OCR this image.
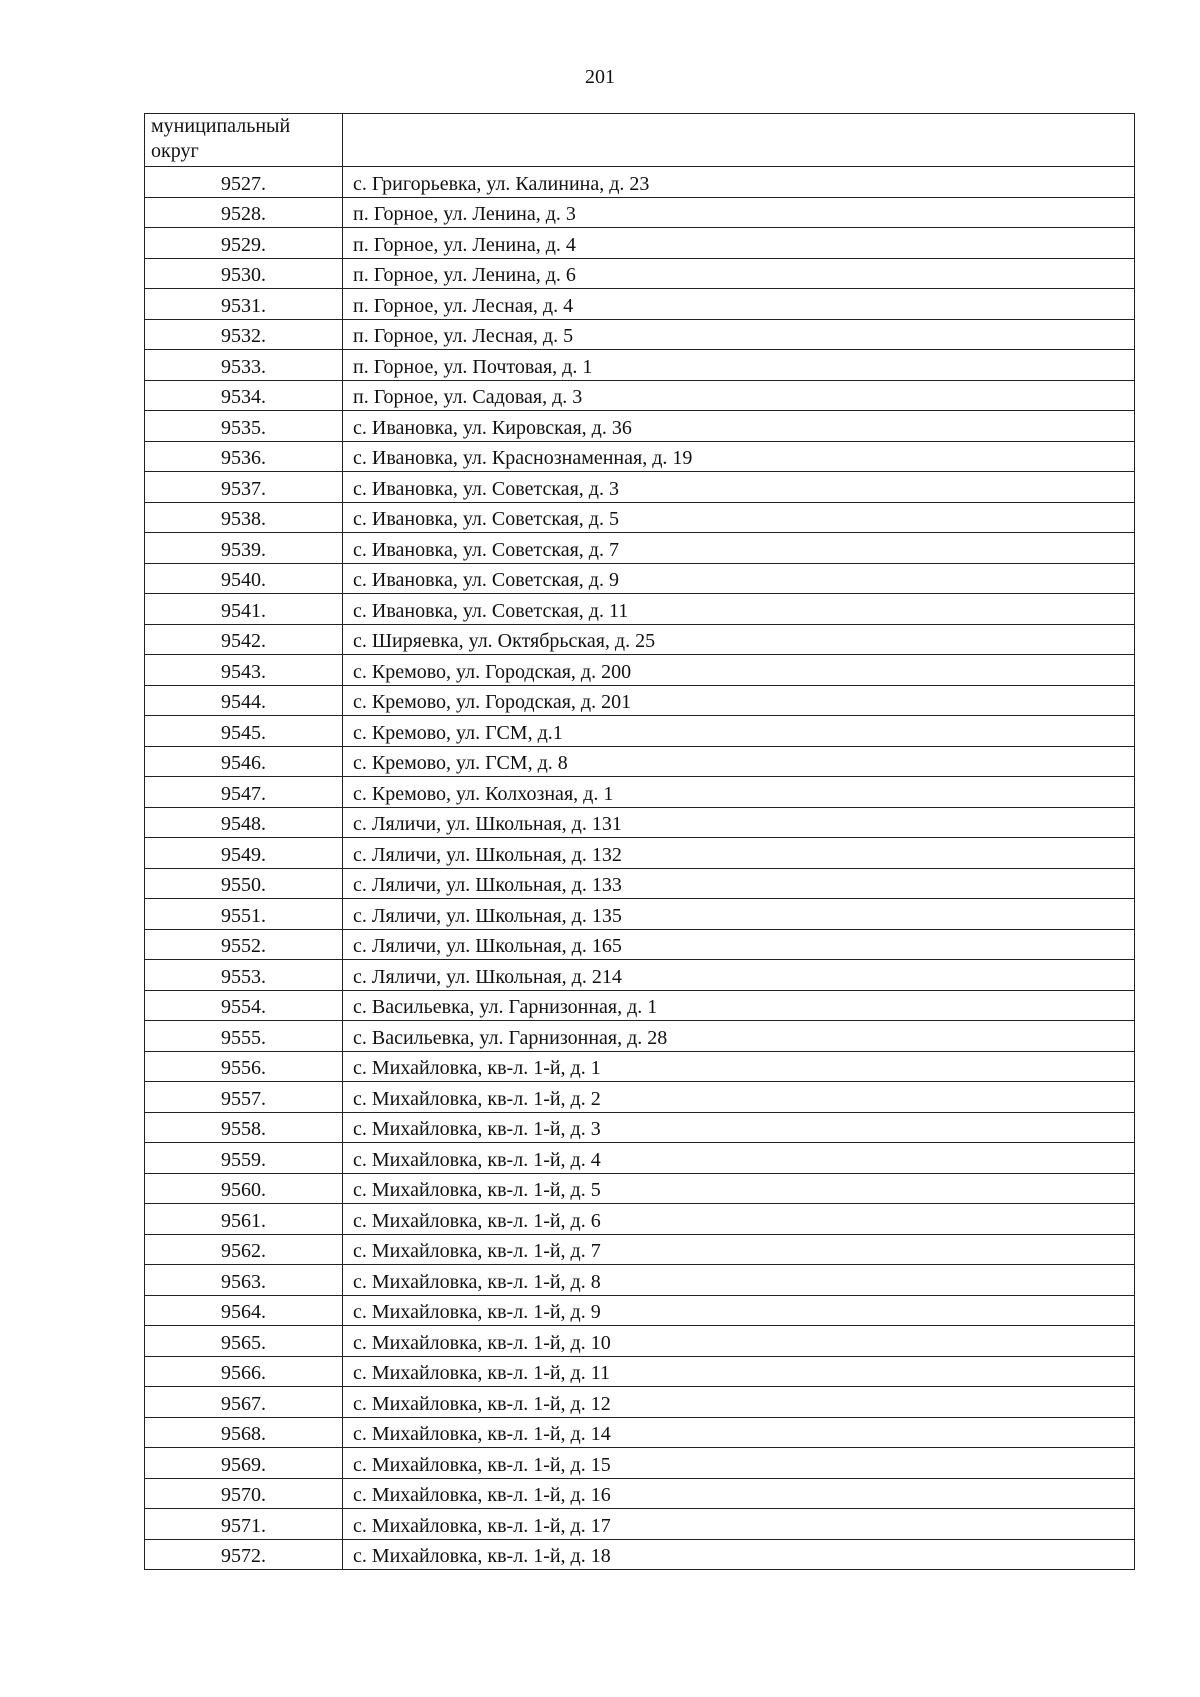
201
муниципальный округ	
9527.	с. Григорьевка, ул. Калинина, д. 23
9528.	п. Горное, ул. Ленина, д. 3
9529.	п. Горное, ул. Ленина, д. 4
9530.	п. Горное, ул. Ленина, д. 6
9531.	п. Горное, ул. Лесная, д. 4
9532.	п. Горное, ул. Лесная, д. 5
9533.	п. Горное, ул. Почтовая, д. 1
9534.	п. Горное, ул. Садовая, д. 3
9535.	с. Ивановка, ул. Кировская, д. 36
9536.	с. Ивановка, ул. Краснознаменная, д. 19
9537.	с. Ивановка, ул. Советская, д. 3
9538.	с. Ивановка, ул. Советская, д. 5
9539.	с. Ивановка, ул. Советская, д. 7
9540.	с. Ивановка, ул. Советская, д. 9
9541.	с. Ивановка, ул. Советская, д. 11
9542.	с. Ширяевка, ул. Октябрьская, д. 25
9543.	с. Кремово, ул. Городская, д. 200
9544.	с. Кремово, ул. Городская, д. 201
9545.	с. Кремово, ул. ГСМ, д.1
9546.	с. Кремово, ул. ГСМ, д. 8
9547.	с. Кремово, ул. Колхозная, д. 1
9548.	с. Ляличи, ул. Школьная, д. 131
9549.	с. Ляличи, ул. Школьная, д. 132
9550.	с. Ляличи, ул. Школьная, д. 133
9551.	с. Ляличи, ул. Школьная, д. 135
9552.	с. Ляличи, ул. Школьная, д. 165
9553.	с. Ляличи, ул. Школьная, д. 214
9554.	с. Васильевка, ул. Гарнизонная, д. 1
9555.	с. Васильевка, ул. Гарнизонная, д. 28
9556.	с. Михайловка, кв-л. 1-й, д. 1
9557.	с. Михайловка, кв-л. 1-й, д. 2
9558.	с. Михайловка, кв-л. 1-й, д. 3
9559.	с. Михайловка, кв-л. 1-й, д. 4
9560.	с. Михайловка, кв-л. 1-й, д. 5
9561.	с. Михайловка, кв-л. 1-й, д. 6
9562.	с. Михайловка, кв-л. 1-й, д. 7
9563.	с. Михайловка, кв-л. 1-й, д. 8
9564.	с. Михайловка, кв-л. 1-й, д. 9
9565.	с. Михайловка, кв-л. 1-й, д. 10
9566.	с. Михайловка, кв-л. 1-й, д. 11
9567.	с. Михайловка, кв-л. 1-й, д. 12
9568.	с. Михайловка, кв-л. 1-й, д. 14
9569.	с. Михайловка, кв-л. 1-й, д. 15
9570.	с. Михайловка, кв-л. 1-й, д. 16
9571.	с. Михайловка, кв-л. 1-й, д. 17
9572.	с. Михайловка, кв-л. 1-й, д. 18
